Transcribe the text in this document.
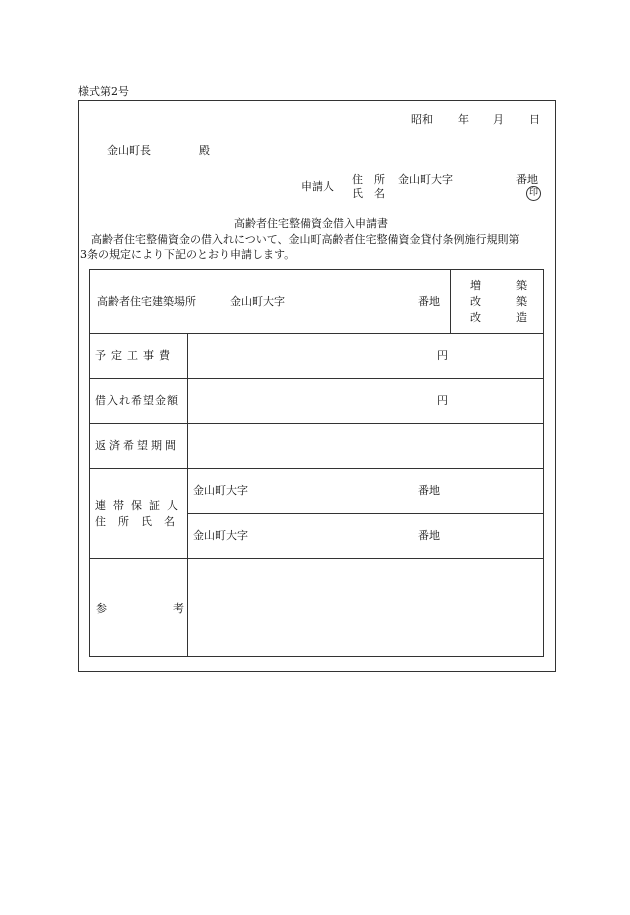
様式第2号
昭和 年 月 日
金山町長	殿
申請人
住　所 金山町大字	番地
氏　名	印
高齢者住宅整備資金借入申請書
高齢者住宅整備資金の借入れについて、金山町高齢者住宅整備資金貸付条例施行規則第
3条の規定により下記のとおり申請します。
高齢者住宅建築場所	金山町大字	番地
増	築
改	築
改	造
予定工事費	円
借入れ希望金額	円
返済希望期間
連帯保証人
住所氏名
金山町大字	番地
金山町大字	番地
参	考
